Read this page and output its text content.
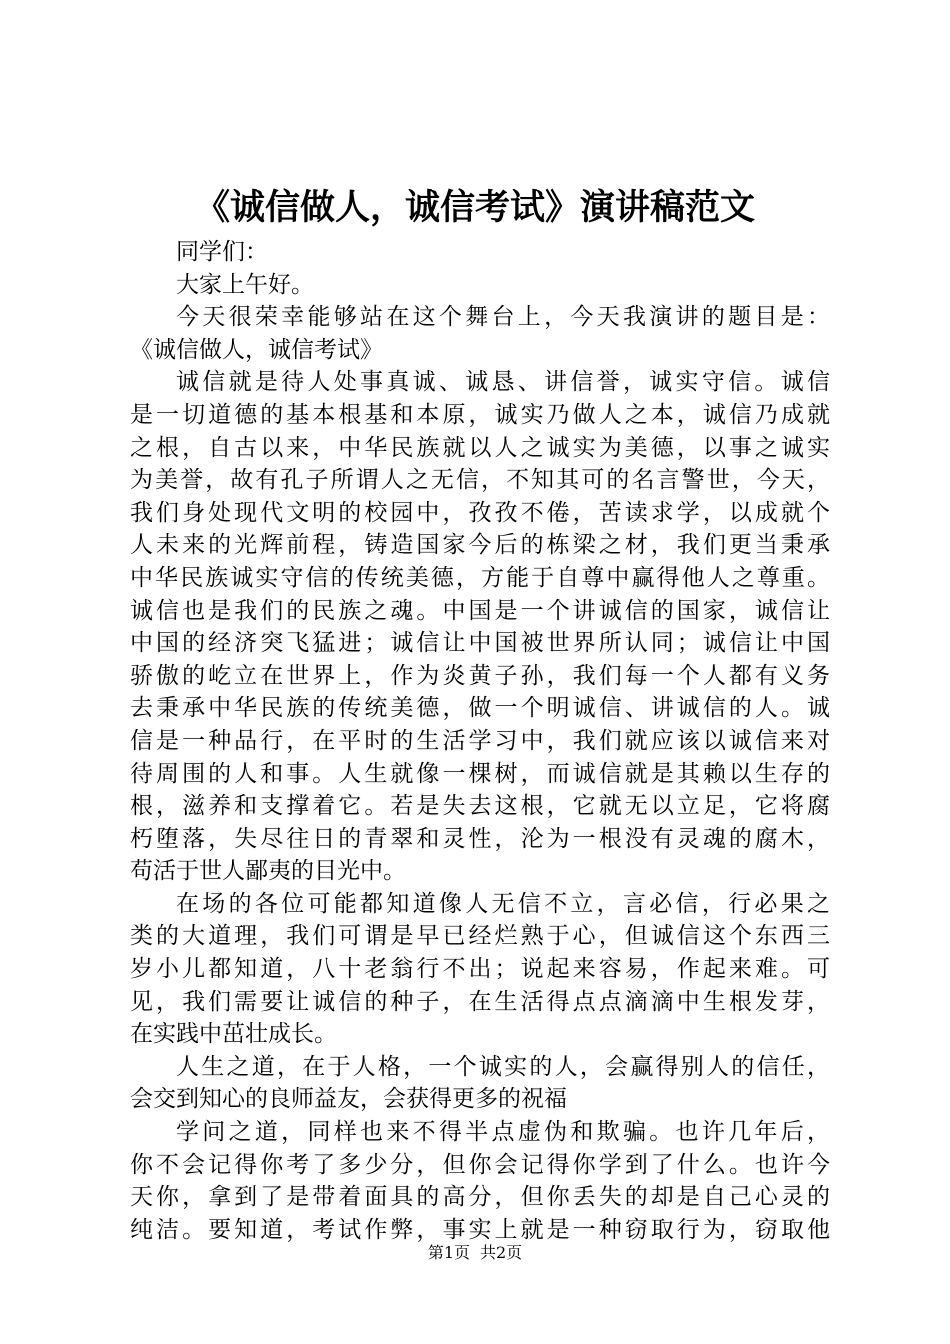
《诚信做人，诚信考试》演讲稿范文
同学们：
大家上午好。
今天很荣幸能够站在这个舞台上，今天我演讲的题目是：
《诚信做人，诚信考试》
诚信就是待人处事真诚、诚恳、讲信誉，诚实守信。诚信
是一切道德的基本根基和本原，诚实乃做人之本，诚信乃成就
之根，自古以来，中华民族就以人之诚实为美德，以事之诚实
为美誉，故有孔子所谓人之无信，不知其可的名言警世，今天，
我们身处现代文明的校园中，孜孜不倦，苦读求学，以成就个
人未来的光辉前程，铸造国家今后的栋梁之材，我们更当秉承
中华民族诚实守信的传统美德，方能于自尊中赢得他人之尊重。
诚信也是我们的民族之魂。中国是一个讲诚信的国家，诚信让
中国的经济突飞猛进；诚信让中国被世界所认同；诚信让中国
骄傲的屹立在世界上，作为炎黄子孙，我们每一个人都有义务
去秉承中华民族的传统美德，做一个明诚信、讲诚信的人。诚
信是一种品行，在平时的生活学习中，我们就应该以诚信来对
待周围的人和事。人生就像一棵树，而诚信就是其赖以生存的
根，滋养和支撑着它。若是失去这根，它就无以立足，它将腐
朽堕落，失尽往日的青翠和灵性，沦为一根没有灵魂的腐木，
苟活于世人鄙夷的目光中。
在场的各位可能都知道像人无信不立，言必信，行必果之
类的大道理，我们可谓是早已经烂熟于心，但诚信这个东西三
岁小儿都知道，八十老翁行不出；说起来容易，作起来难。可
见，我们需要让诚信的种子，在生活得点点滴滴中生根发芽，
在实践中茁壮成长。
人生之道，在于人格，一个诚实的人，会赢得别人的信任，
会交到知心的良师益友，会获得更多的祝福
学问之道，同样也来不得半点虚伪和欺骗。也许几年后，
你不会记得你考了多少分，但你会记得你学到了什么。也许今
天你，拿到了是带着面具的高分，但你丢失的却是自己心灵的
纯洁。要知道，考试作弊，事实上就是一种窃取行为，窃取他
第1页 共2页
